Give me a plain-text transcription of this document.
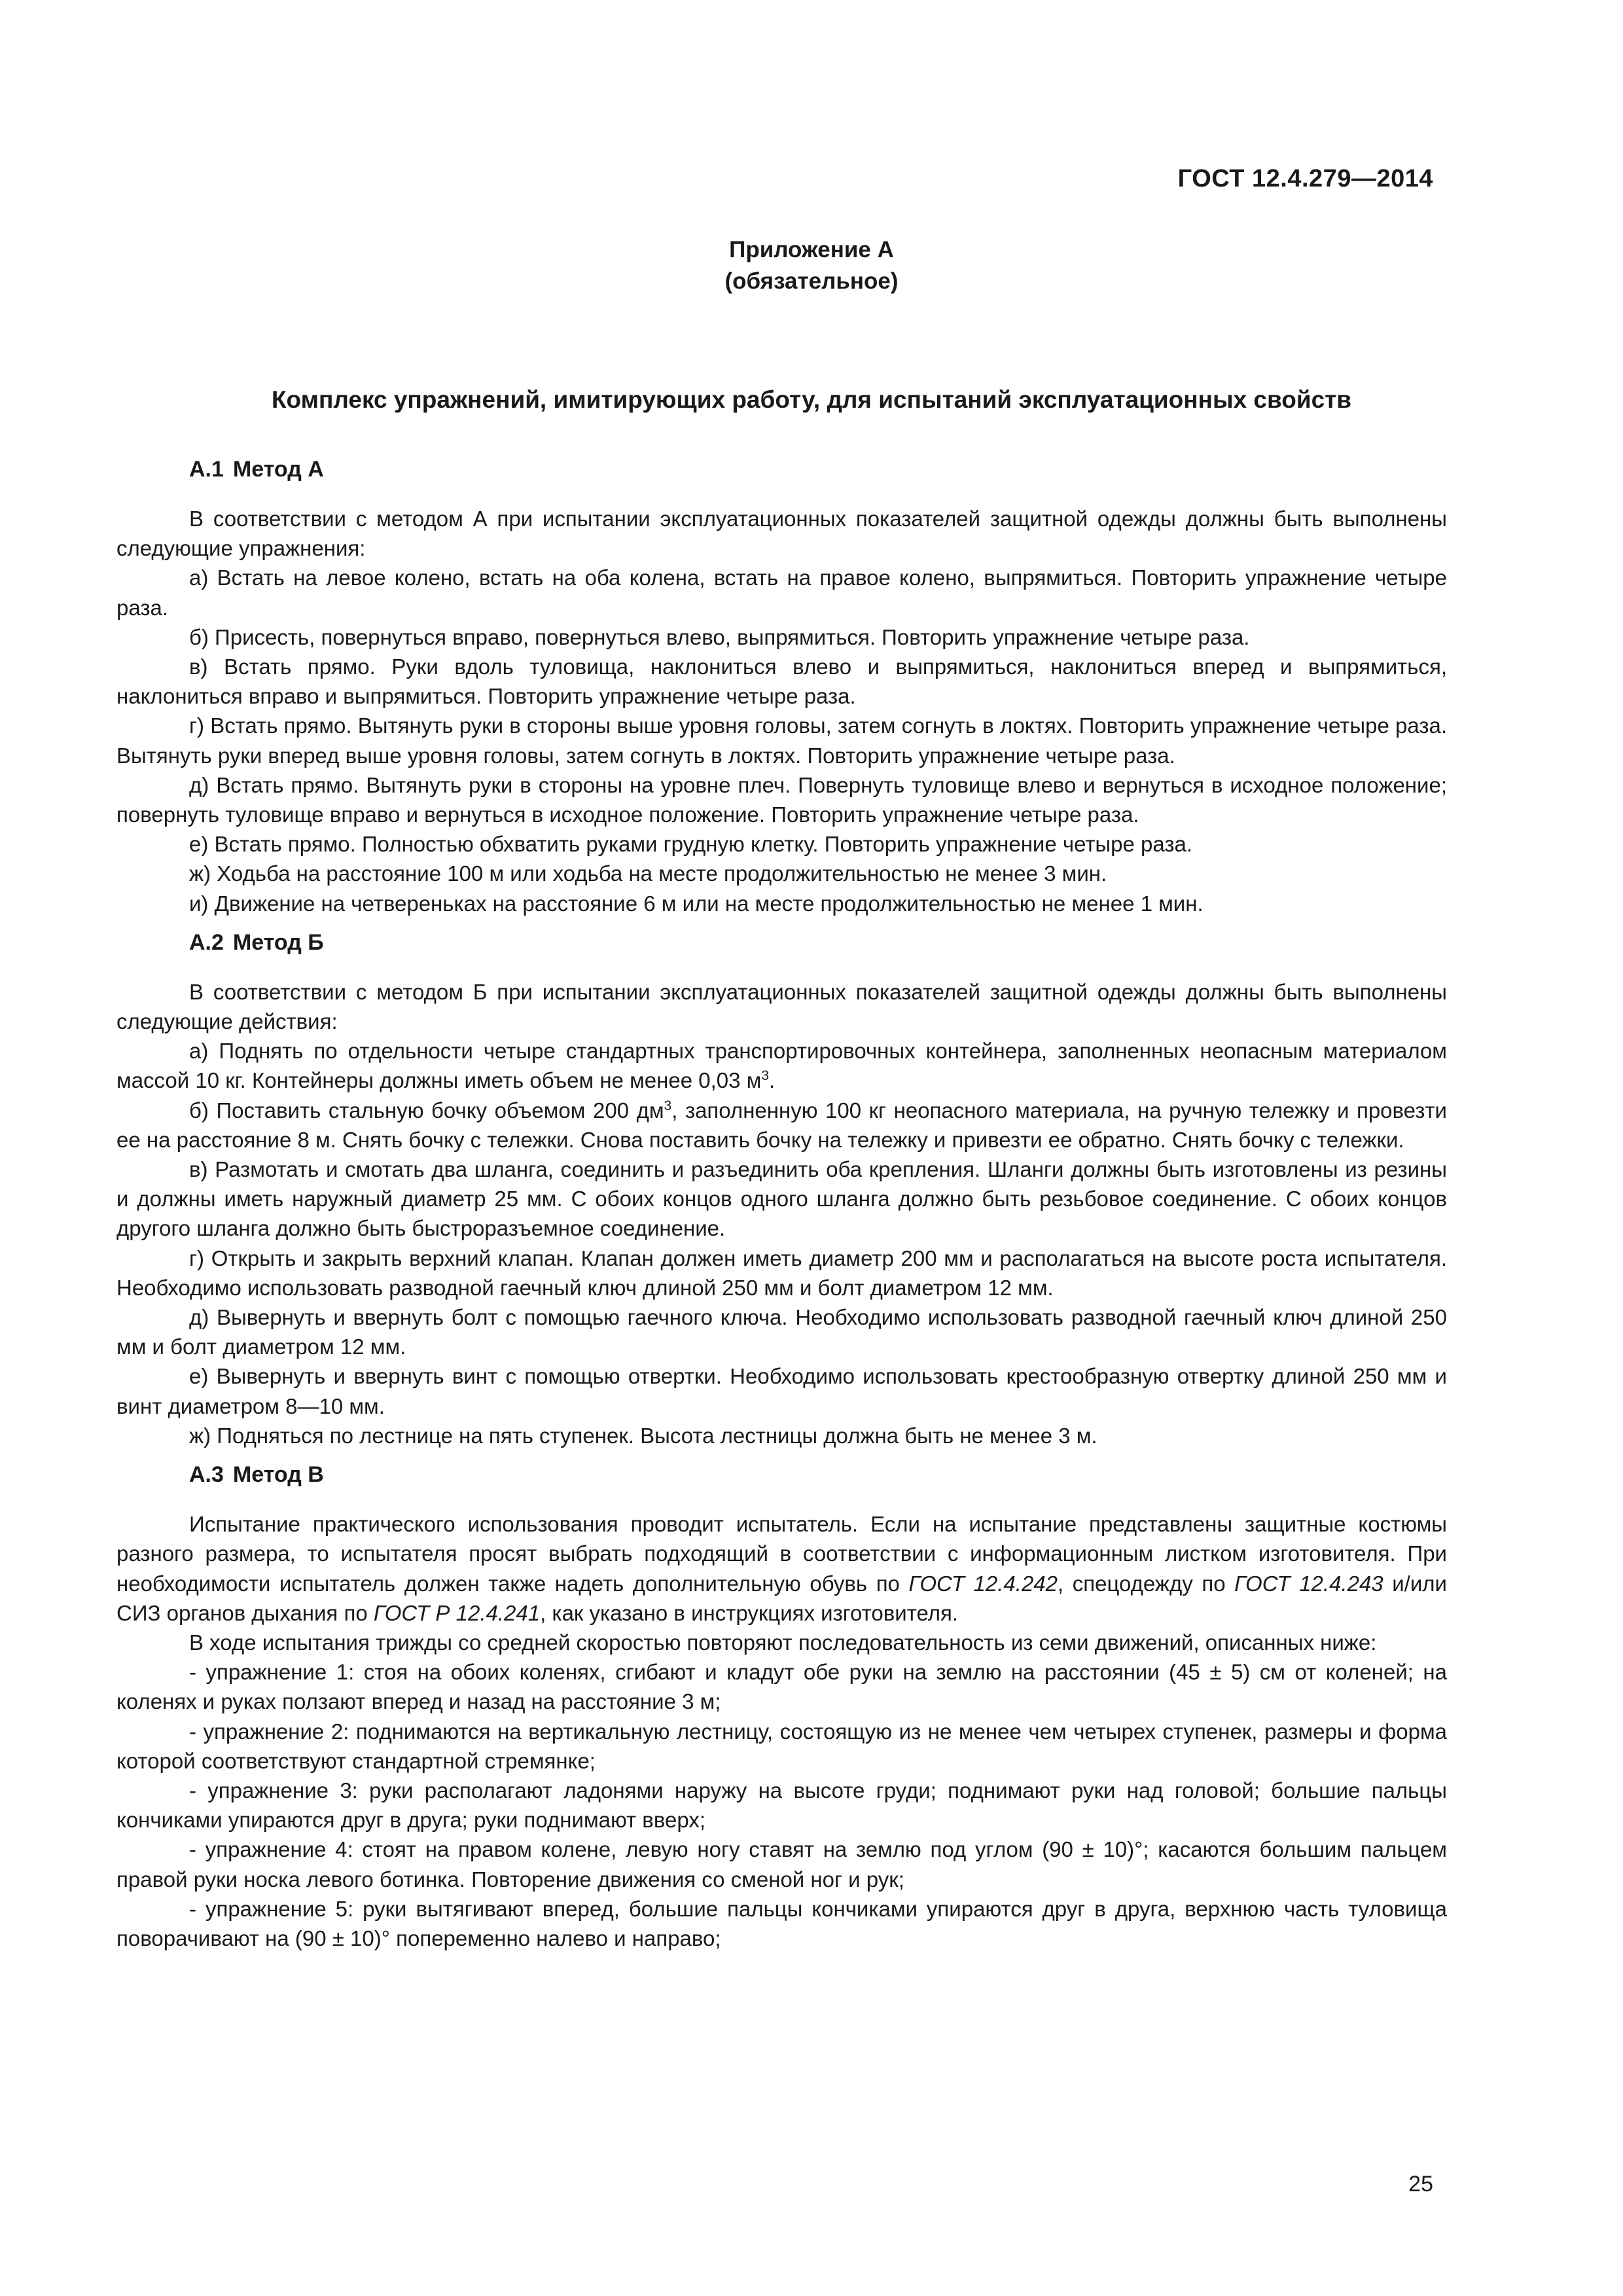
ГОСТ 12.4.279—2014
Приложение А
(обязательное)
Комплекс упражнений, имитирующих работу, для испытаний эксплуатационных свойств
А.1 Метод А

В соответствии с методом А при испытании эксплуатационных показателей защитной одежды должны быть выполнены следующие упражнения:

а) Встать на левое колено, встать на оба колена, встать на правое колено, выпрямиться. Повторить упражнение четыре раза.

б) Присесть, повернуться вправо, повернуться влево, выпрямиться. Повторить упражнение четыре раза.

в) Встать прямо. Руки вдоль туловища, наклониться влево и выпрямиться, наклониться вперед и выпрямиться, наклониться вправо и выпрямиться. Повторить упражнение четыре раза.

г) Встать прямо. Вытянуть руки в стороны выше уровня головы, затем согнуть в локтях. Повторить упражнение четыре раза. Вытянуть руки вперед выше уровня головы, затем согнуть в локтях. Повторить упражнение четыре раза.

д) Встать прямо. Вытянуть руки в стороны на уровне плеч. Повернуть туловище влево и вернуться в исходное положение; повернуть туловище вправо и вернуться в исходное положение. Повторить упражнение четыре раза.

е) Встать прямо. Полностью обхватить руками грудную клетку. Повторить упражнение четыре раза.

ж) Ходьба на расстояние 100 м или ходьба на месте продолжительностью не менее 3 мин.

и) Движение на четвереньках на расстояние 6 м или на месте продолжительностью не менее 1 мин.

А.2 Метод Б

В соответствии с методом Б при испытании эксплуатационных показателей защитной одежды должны быть выполнены следующие действия:

а) Поднять по отдельности четыре стандартных транспортировочных контейнера, заполненных неопасным материалом массой 10 кг. Контейнеры должны иметь объем не менее 0,03 $м^3$.

б) Поставить стальную бочку объемом 200 $дм^3$, заполненную 100 кг неопасного материала, на ручную тележку и провезти ее на расстояние 8 м. Снять бочку с тележки. Снова поставить бочку на тележку и привезти ее обратно. Снять бочку с тележки.

в) Размотать и смотать два шланга, соединить и разъединить оба крепления. Шланги должны быть изготовлены из резины и должны иметь наружный диаметр 25 мм. С обоих концов одного шланга должно быть резьбовое соединение. С обоих концов другого шланга должно быть быстроразъемное соединение.

г) Открыть и закрыть верхний клапан. Клапан должен иметь диаметр 200 мм и располагаться на высоте роста испытателя. Необходимо использовать разводной гаечный ключ длиной 250 мм и болт диаметром 12 мм.

д) Вывернуть и ввернуть болт с помощью гаечного ключа. Необходимо использовать разводной гаечный ключ длиной 250 мм и болт диаметром 12 мм.

е) Вывернуть и ввернуть винт с помощью отвертки. Необходимо использовать крестообразную отвертку длиной 250 мм и винт диаметром 8—10 мм.

ж) Подняться по лестнице на пять ступенек. Высота лестницы должна быть не менее 3 м.

А.3 Метод В

Испытание практического использования проводит испытатель. Если на испытание представлены защитные костюмы разного размера, то испытателя просят выбрать подходящий в соответствии с информационным листком изготовителя. При необходимости испытатель должен также надеть дополнительную обувь по ГОСТ 12.4.242, спецодежду по ГОСТ 12.4.243 и/или СИЗ органов дыхания по ГОСТ Р 12.4.241, как указано в инструкциях изготовителя.

В ходе испытания трижды со средней скоростью повторяют последовательность из семи движений, описанных ниже:

- упражнение 1: стоя на обоих коленях, сгибают и кладут обе руки на землю на расстоянии (45 ± 5) см от коленей; на коленях и руках ползают вперед и назад на расстояние 3 м;

- упражнение 2: поднимаются на вертикальную лестницу, состоящую из не менее чем четырех ступенек, размеры и форма которой соответствуют стандартной стремянке;

- упражнение 3: руки располагают ладонями наружу на высоте груди; поднимают руки над головой; большие пальцы кончиками упираются друг в друга; руки поднимают вверх;

- упражнение 4: стоят на правом колене, левую ногу ставят на землю под углом (90 ± 10)°; касаются большим пальцем правой руки носка левого ботинка. Повторение движения со сменой ног и рук;

- упражнение 5: руки вытягивают вперед, большие пальцы кончиками упираются друг в друга, верхнюю часть туловища поворачивают на (90 ± 10)° попеременно налево и направо;

25
